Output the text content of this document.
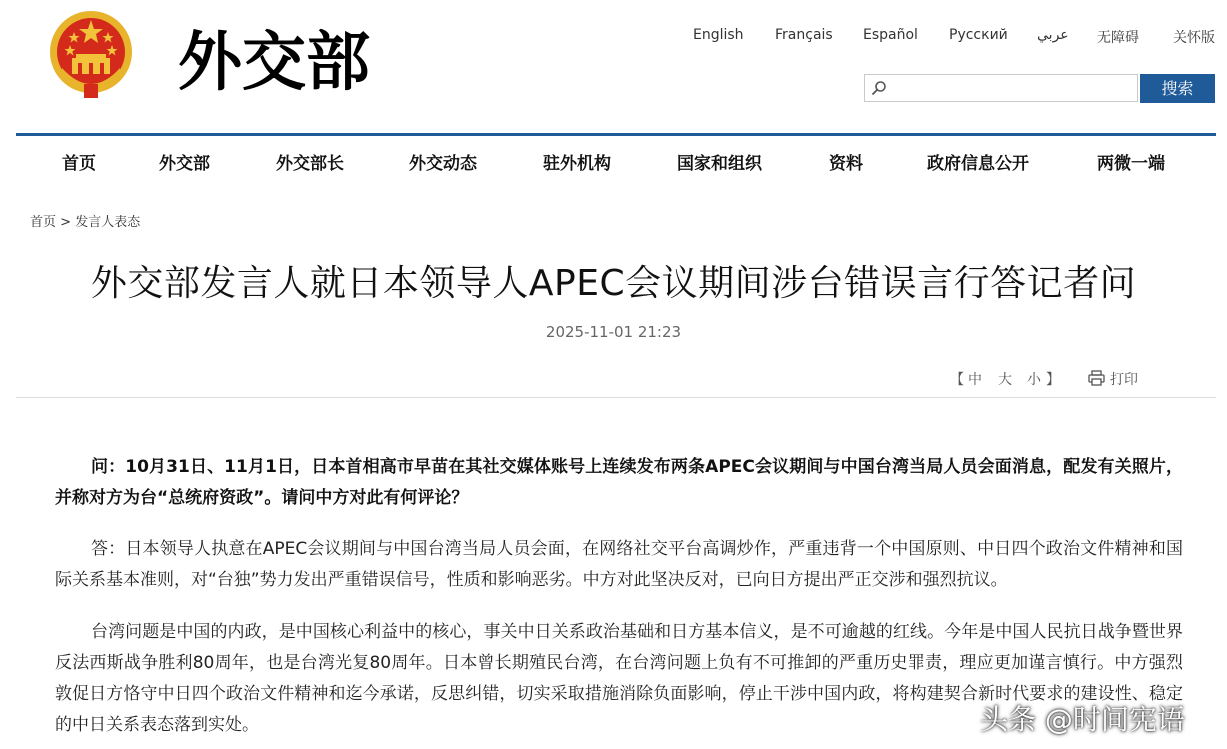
外交部	English Français Español Русский عربي 无障碍 关怀版
搜索
首页	外交部	外交部长	外交动态	驻外机构	国家和组织	资料	政府信息公开	两微一端
首页 > 发言人表态
外交部发言人就日本领导人APEC会议期间涉台错误言行答记者问
2025-11-01 21:23
【 中 大 小 】	打印

问：10月31日、11月1日，日本首相高市早苗在其社交媒体账号上连续发布两条APEC会议期间与中国台湾当局人员会面消息，配发有关照片，并称对方为台“总统府资政”。请问中方对此有何评论？

答：日本领导人执意在APEC会议期间与中国台湾当局人员会面，在网络社交平台高调炒作，严重违背一个中国原则、中日四个政治文件精神和国际关系基本准则，对“台独”势力发出严重错误信号，性质和影响恶劣。中方对此坚决反对，已向日方提出严正交涉和强烈抗议。

台湾问题是中国的内政，是中国核心利益中的核心，事关中日关系政治基础和日方基本信义，是不可逾越的红线。今年是中国人民抗日战争暨世界反法西斯战争胜利80周年，也是台湾光复80周年。日本曾长期殖民台湾，在台湾问题上负有不可推卸的严重历史罪责，理应更加谨言慎行。中方强烈敦促日方恪守中日四个政治文件精神和迄今承诺，反思纠错，切实采取措施消除负面影响，停止干涉中国内政，将构建契合新时代要求的建设性、稳定的中日关系表态落到实处。	头条 @时间宪语
